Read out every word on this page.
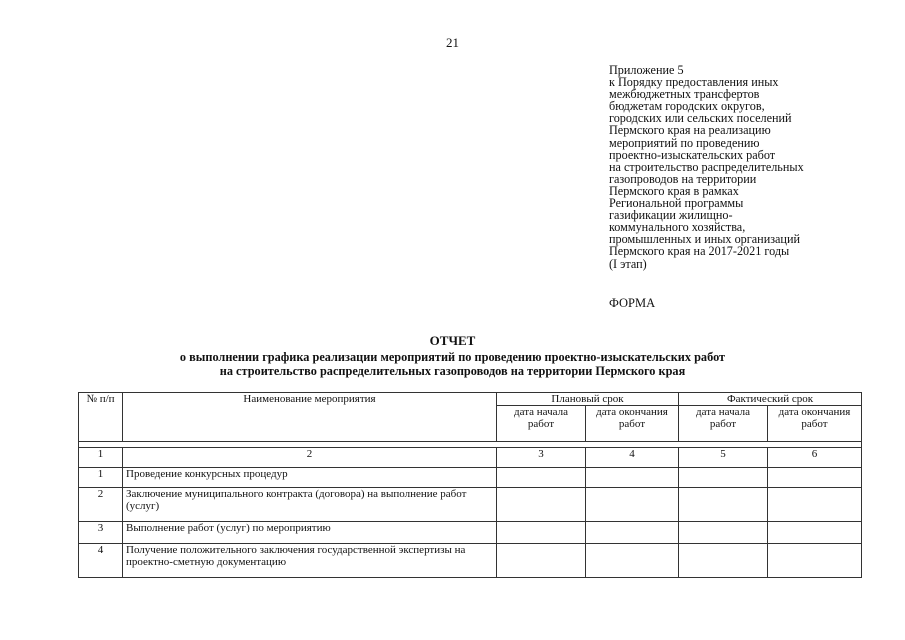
21
Приложение 5
к Порядку предоставления иных
межбюджетных трансфертов
бюджетам городских округов,
городских или сельских поселений
Пермского края на реализацию
мероприятий по проведению
проектно-изыскательских работ
на строительство распределительных
газопроводов на территории
Пермского края в рамках
Региональной программы
газификации жилищно-
коммунального хозяйства,
промышленных и иных организаций
Пермского края на 2017-2021 годы
(I этап)
ФОРМА
ОТЧЕТ
о выполнении графика реализации мероприятий по проведению проектно-изыскательских работ
на строительство распределительных газопроводов на территории Пермского края
№ п/п	Наименование мероприятия	Плановый срок		Фактический срок	
		дата начала работ	дата окончания работ	дата начала работ	дата окончания работ

1	2	3	4	5	6
1	Проведение конкурсных процедур				
2	Заключение муниципального контракта (договора) на выполнение работ (услуг)				
3	Выполнение работ (услуг) по мероприятию				
4	Получение положительного заключения государственной экспертизы на проектно-сметную документацию				
